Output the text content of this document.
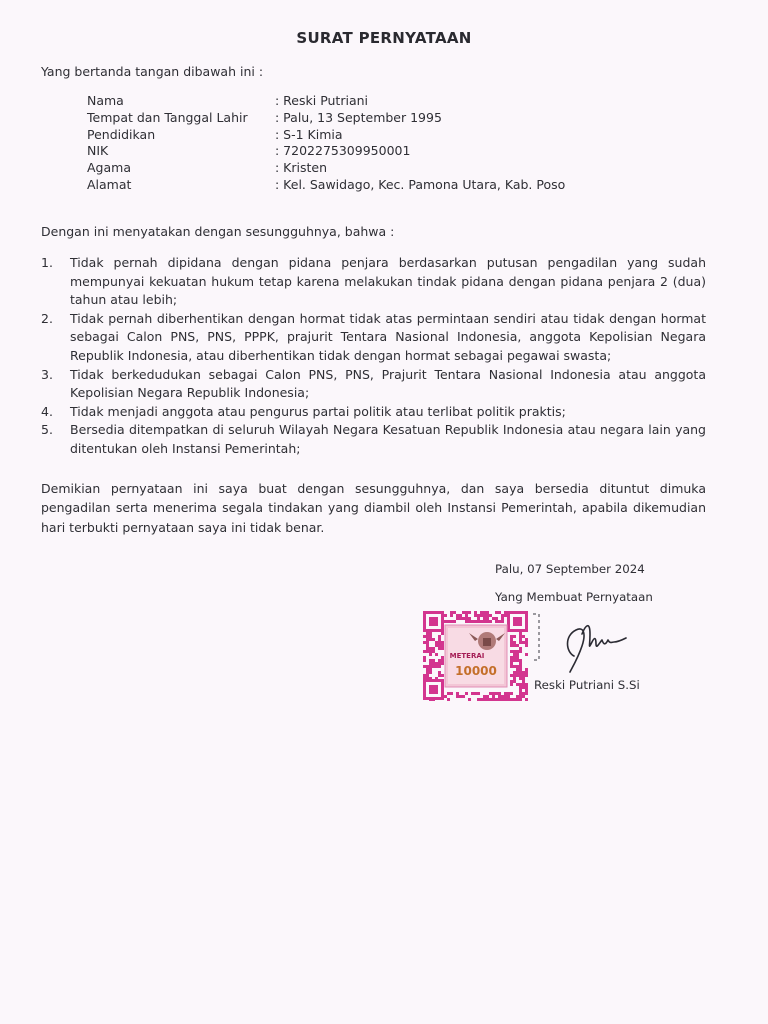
SURAT PERNYATAAN
Yang bertanda tangan dibawah ini :
Nama	: Reski Putriani
Tempat dan Tanggal Lahir	: Palu, 13 September 1995
Pendidikan	: S-1 Kimia
NIK	: 7202275309950001
Agama	: Kristen
Alamat	: Kel. Sawidago, Kec. Pamona Utara, Kab. Poso
Dengan ini menyatakan dengan sesungguhnya, bahwa :
1.	Tidak pernah dipidana dengan pidana penjara berdasarkan putusan pengadilan yang sudah mempunyai kekuatan hukum tetap karena melakukan tindak pidana dengan pidana penjara 2 (dua) tahun atau lebih;
2.	Tidak pernah diberhentikan dengan hormat tidak atas permintaan sendiri atau tidak dengan hormat sebagai Calon PNS, PNS, PPPK, prajurit Tentara Nasional Indonesia, anggota Kepolisian Negara Republik Indonesia, atau diberhentikan tidak dengan hormat sebagai pegawai swasta;
3.	Tidak berkedudukan sebagai Calon PNS, PNS, Prajurit Tentara Nasional Indonesia atau anggota Kepolisian Negara Republik Indonesia;
4.	Tidak menjadi anggota atau pengurus partai politik atau terlibat politik praktis;
5.	Bersedia ditempatkan di seluruh Wilayah Negara Kesatuan Republik Indonesia atau negara lain yang ditentukan oleh Instansi Pemerintah;
Demikian pernyataan ini saya buat dengan sesungguhnya, dan saya bersedia dituntut dimuka pengadilan serta menerima segala tindakan yang diambil oleh Instansi Pemerintah, apabila dikemudian hari terbukti pernyataan saya ini tidak benar.
Palu, 07 September 2024
Yang Membuat Pernyataan
METERAI
10000
Reski Putriani S.Si
